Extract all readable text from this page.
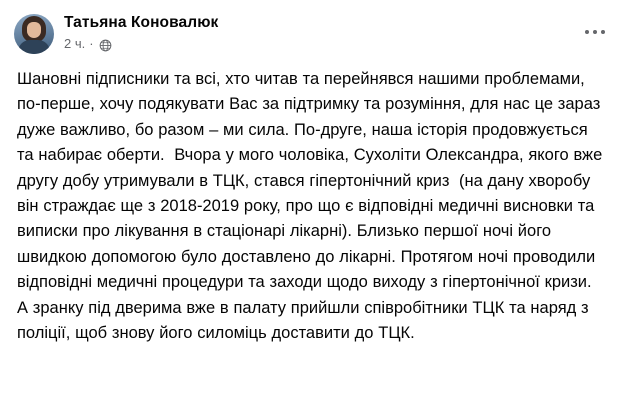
Татьяна Коновалюк
2 ч. ·
Шановні підписники та всі, хто читав та перейнявся нашими проблемами, по-перше, хочу подякувати Вас за підтримку та розуміння, для нас це зараз дуже важливо, бо разом – ми сила. По-друге, наша історія продовжується та набирає оберти.  Вчора у мого чоловіка, Сухоліти Олександра, якого вже другу добу утримували в ТЦК, стався гіпертонічний криз  (на дану хворобу він страждає ще з 2018-2019 року, про що є відповідні медичні висновки та виписки про лікування в стаціонарі лікарні). Близько першої ночі його швидкою допомогою було доставлено до лікарні. Протягом ночі проводили відповідні медичні процедури та заходи щодо виходу з гіпертонічної кризи.  А зранку під дверима вже в палату прийшли співробітники ТЦК та наряд з поліції, щоб знову його силоміць доставити до ТЦК.
